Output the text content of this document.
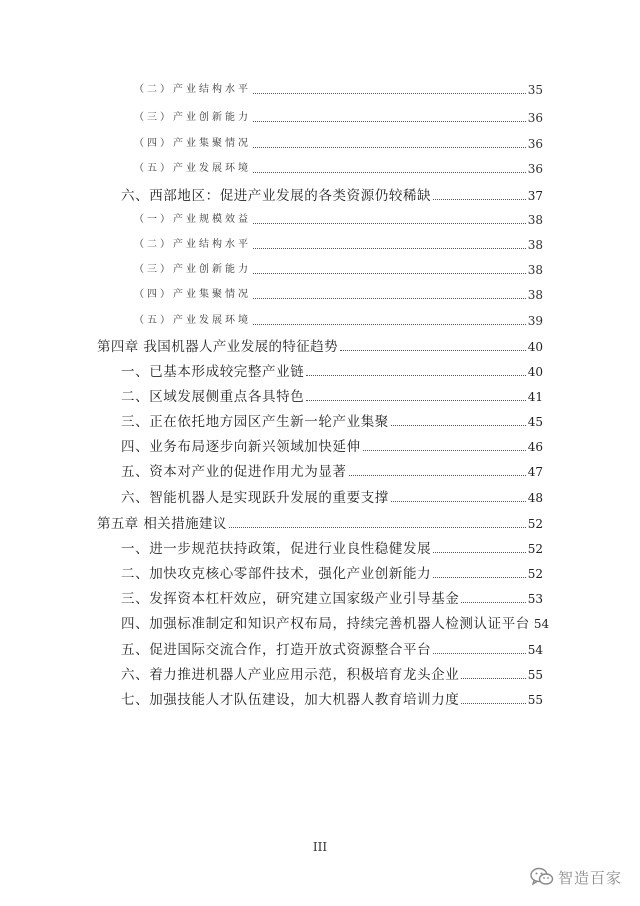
（二）产业结构水平	35
（三）产业创新能力	36
（四）产业集聚情况	36
（五）产业发展环境	36
六、西部地区：促进产业发展的各类资源仍较稀缺	37
（一）产业规模效益	38
（二）产业结构水平	38
（三）产业创新能力	38
（四）产业集聚情况	38
（五）产业发展环境	39
第四章 我国机器人产业发展的特征趋势	40
一、已基本形成较完整产业链	40
二、区域发展侧重点各具特色	41
三、正在依托地方园区产生新一轮产业集聚	45
四、业务布局逐步向新兴领域加快延伸	46
五、资本对产业的促进作用尤为显著	47
六、智能机器人是实现跃升发展的重要支撑	48
第五章 相关措施建议	52
一、进一步规范扶持政策，促进行业良性稳健发展	52
二、加快攻克核心零部件技术，强化产业创新能力	52
三、发挥资本杠杆效应，研究建立国家级产业引导基金	53
四、加强标准制定和知识产权布局，持续完善机器人检测认证平台 54
五、促进国际交流合作，打造开放式资源整合平台	54
六、着力推进机器人产业应用示范，积极培育龙头企业	55
七、加强技能人才队伍建设，加大机器人教育培训力度	55
III
智造百家
